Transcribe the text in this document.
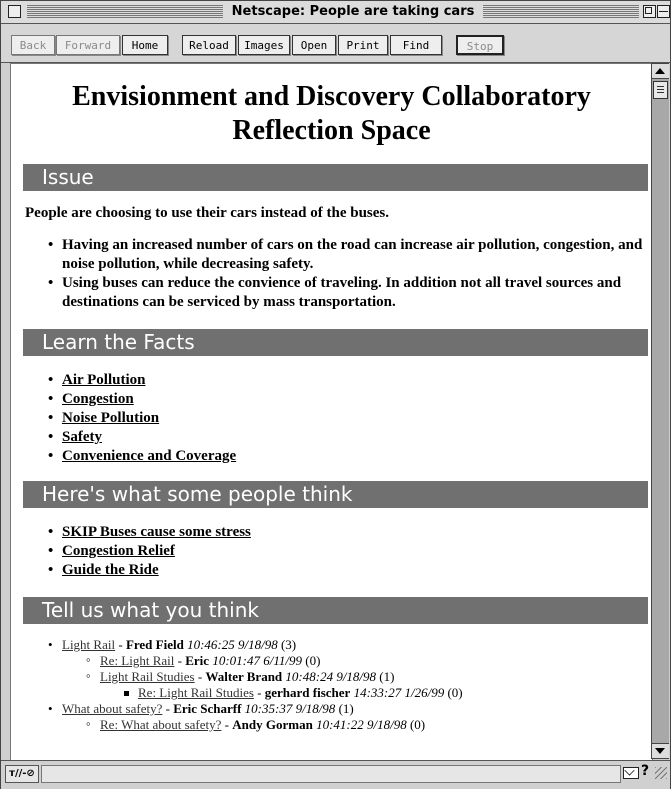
Netscape: People are taking cars
Back	Forward	Home	Reload	Images	Open	Print	Find	Stop
Envisionment and Discovery Collaboratory
Reflection Space
Issue
People are choosing to use their cars instead of the buses.
• Having an increased number of cars on the road can increase air pollution, congestion, and noise pollution, while decreasing safety.
• Using buses can reduce the convience of traveling. In addition not all travel sources and destinations can be serviced by mass transportation.
Learn the Facts
• Air Pollution
• Congestion
• Noise Pollution
• Safety
• Convenience and Coverage
Here's what some people think
• SKIP Buses cause some stress
• Congestion Relief
• Guide the Ride
Tell us what you think
• Light Rail - Fred Field 10:46:25 9/18/98 (3)
◦ Re: Light Rail - Eric 10:01:47 6/11/99 (0)
◦ Light Rail Studies - Walter Brand 10:48:24 9/18/98 (1)
Re: Light Rail Studies - gerhard fischer 14:33:27 1/26/99 (0)
• What about safety? - Eric Scharff 10:35:37 9/18/98 (1)
◦ Re: What about safety? - Andy Gorman 10:41:22 9/18/98 (0)
ᴛ//-⊘	?
